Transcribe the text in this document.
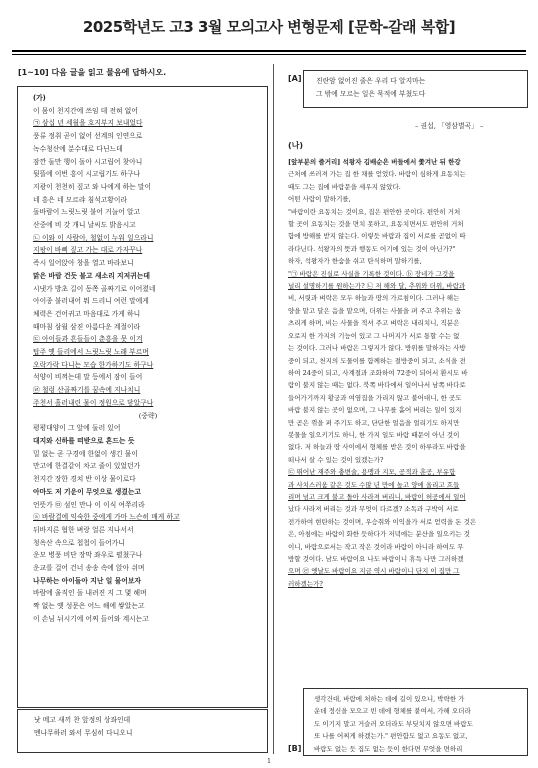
2025학년도 고3 3월 모의고사 변형문제 [문학-갈래 복합]
[1~10] 다음 글을 읽고 물음에 답하시오.
(가)
이 몸이 천지간에 쓰임 데 전혀 없어
㉠ 삼십 년 세월을 호지부지 보내었다
풍류 정취 곧이 없어 선계의 인연으로
녹수청산에 분수대로 다닌느데
잠깐 둘만 행이 돌아 시고립어 찾아니
뒷뜰에 이번 흥이 시고립기도 하구나
지광이 천천히 짚고 와 나에게 하는 말이
네 흥은 네 모르랴 침석고황이라
돌바람이 느릿느릿 불어 거늘어 알고
산중에 비 갓 개니 날씨도 밝음시고
㉡ 이와 이 사람아, 철없이 누워 일으라니
지팡이 바삐 짚고 가는 대로 가자꾸나
즉시 일어앉아 창을 열고 바라보니
맑은 바람 건듯 불고 새소리 지저귀는데
시냇가 방초 길이 동쪽 골짜기로 이어졌네
아이종 불러내어 뭐 드리니 여런 말에게
체력은 건어귀고 마음대로 가게 하니
때마침 삼월 삼짇 아름다운 계절이라
㉢ 아이들과 흔들들이 춘흥을 못 이겨
탑주 옛 들리에서 느릿느릿 노래 부르며
오락가락 다니는 모습 한가하기도 하구나
석양이 비껴는데 말 등에서 잠이 들어
㉣ 철렁 산골짜기를 꿈속에 지나치니
주천서 흘러내린 물이 정원으로 닿았구나
(중략)
평평대양이 그 앞에 둘러 있어
대지와 신하를 떠받으로 흔드는 듯
밀 없는 곧 구경에 한없이 생긴 물이
만고에 한결같이 차고 줄이 있었던가
천지간 장한 경치 반 이상 물이로다
아마도 저 기운이 무엇으로 생겼는고
언뜻가 ㉤ 섬인 만나 이 이식 여쭈리라
ⓐ 바람결에 익숙한 중에게 가마 느슨히 매게 하고
뒤바지른 협한 벼랑 얼른 지나서서
청옥산 속으로 첩첩이 들어가니
운모 병풍 비단 장막 좌우로 펼쳤구나
운교를 걸어 건너 송송 속에 앉아 쉬며
나무하는 아이들아 지난 일 물어보자
바람에 울직인 돌 내려진 지 그 몇 해며
짝 없는 옛 성문은 어느 해에 쌓았는고
이 손님 뉘시기에 어찌 들어와 계시는고
낫 메고 새끼 찬 앞정의 상좌인데
멘나무하러 와서 무심히 다니오니
[A] 진란암 없어진 줄은 우리 다 알지마는
그 밖에 모르는 일은 묵적에 부쳤도다
– 권섭, 「영삼별곡」 –
(나)
[앞부분의 줄거리] 석왕자 김배순은 버들에서 쫓겨난 뒤 한강
근처에 쓰러져 가는 집 한 채를 얻었다. 바람이 심하게 요동치는
때도 그는 집에 바람문을 세우지 않았다.
어떤 사람이 말하기를,
"바람이란 요동치는 것이요, 집은 편안한 곳이다. 편안히 거처
할 곳이 요동치는 것을 면치 못하고, 요동치면서도 편안히 거처
함에 방해를 받지 않는다. 이렇듯 바람과 집이 서로를 곧없이 따
라다닌다. 석왕자의 뜻과 행동도 어기에 있는 것이 아닌가?"
하자, 석왕자가 한숨을 쉬고 탄식하며 말하기를,
"㉠ 바람은 진실로 사실을 기록한 것이다. ⓑ 장네가 그것을
널리 설명하기를 원하는가? ㉡ 저 해와 달, 추위와 더위, 바람과
비, 서릿과 벼락은 모두 하늘과 땅의 가르침이다. 그러나 해는
양을 맡고 달은 음을 맡으며, 더위는 사물을 펴 주고 추위는 움
츠리게 하며, 비는 사물을 적셔 주고 벼락은 내리치니, 직분은
오로지 한 가지의 기능이 있고 그 나머지가 서로 통할 수는 없
는 것이다. 그러나 바람은 그렇지가 않다. 방위를 말하자는 사방
중이 되고, 천지의 도물이를 함께하는 절방중이 되고, 소식을 전
하여 24중이 되고, 사계절과 조화하여 72중이 되어서 환시도 바
람이 불지 않는 때는 없다. 북쪽 바다에서 일어나서 남쪽 바다로
들어가기까지 황궁과 여염집을 가리지 않고 불어대니, 한 곳도
바람 불지 않는 곳이 없으며, 그 나무를 흩어 버리는 일이 있지
만 곧은 꺾을 펴 주기도 하고, 단단한 얼음을 얼리기도 하지만
봇물을 일으키기도 하니, 한 가지 일도 바람 때문이 아닌 것이
없다. 저 하늘과 땅 사이에서 형체를 받은 것이 하루라도 바람을
떠나서 살 수 있는 것이 있겠는가?
㉢ 뛰어난 재주와 충변술, 용맹과 지모, 공적과 훈공, 부유함
과 사치스러움 같은 것도 수많 년 만에 높고 양에 올리고 흐들
리며 넘고 크게 불고 돌아 사라져 버리니, 바람이 허공에서 일어
났다 사라져 버리는 것과 무엇이 다르겠? 소독과 구박이 서로
전가하여 현탄하는 것이며, 우승취와 이익을가 서로 얻력을 돈 것은
은, 아침에는 바람이 화한 듯하다가 저녁에는 분산을 일으키는 것
이니, 바람으로서는 작고 작은 것이라 바람이 아니라 하여도 무
방할 것이다. 남도 바람이요 나도 바람이니 휴득 나만 그러하겠
으며 ㉣ 옛날도 바람이요 지금 역시 바람이니 단지 이 집만 그
러하겠는가?
생각건대, 바람에 처하는 데에 길이 있으니, 박략한 가
운데 정신을 모으고 빈 데에 형체를 붙여서, 가해 오더라
도 이기지 말고 거슬러 오더라도 부딪치지 않으면 바람도
또 나를 어찌게 하겠는가." 편안함도 없고 요동도 없고,
바람도 없는 듯 집도 없는 듯이 한다면 무엇을 면하리
[B]
1
